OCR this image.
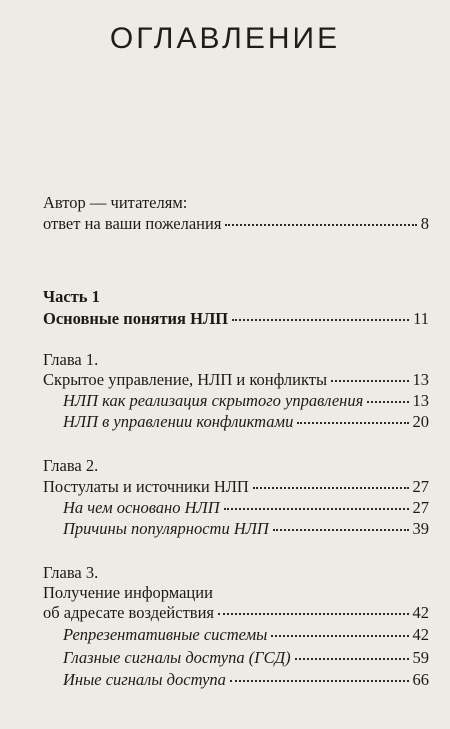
ОГЛАВЛЕНИЕ
Автор — читателям:
ответ на ваши пожелания	8
Часть 1
Основные понятия НЛП	11
Глава 1.
Скрытое управление, НЛП и конфликты	13
НЛП как реализация скрытого управления	13
НЛП в управлении конфликтами	20
Глава 2.
Постулаты и источники НЛП	27
На чем основано НЛП	27
Причины популярности НЛП	39
Глава 3.
Получение информации
об адресате воздействия	42
Репрезентативные системы	42
Глазные сигналы доступа (ГСД)	59
Иные сигналы доступа	66
